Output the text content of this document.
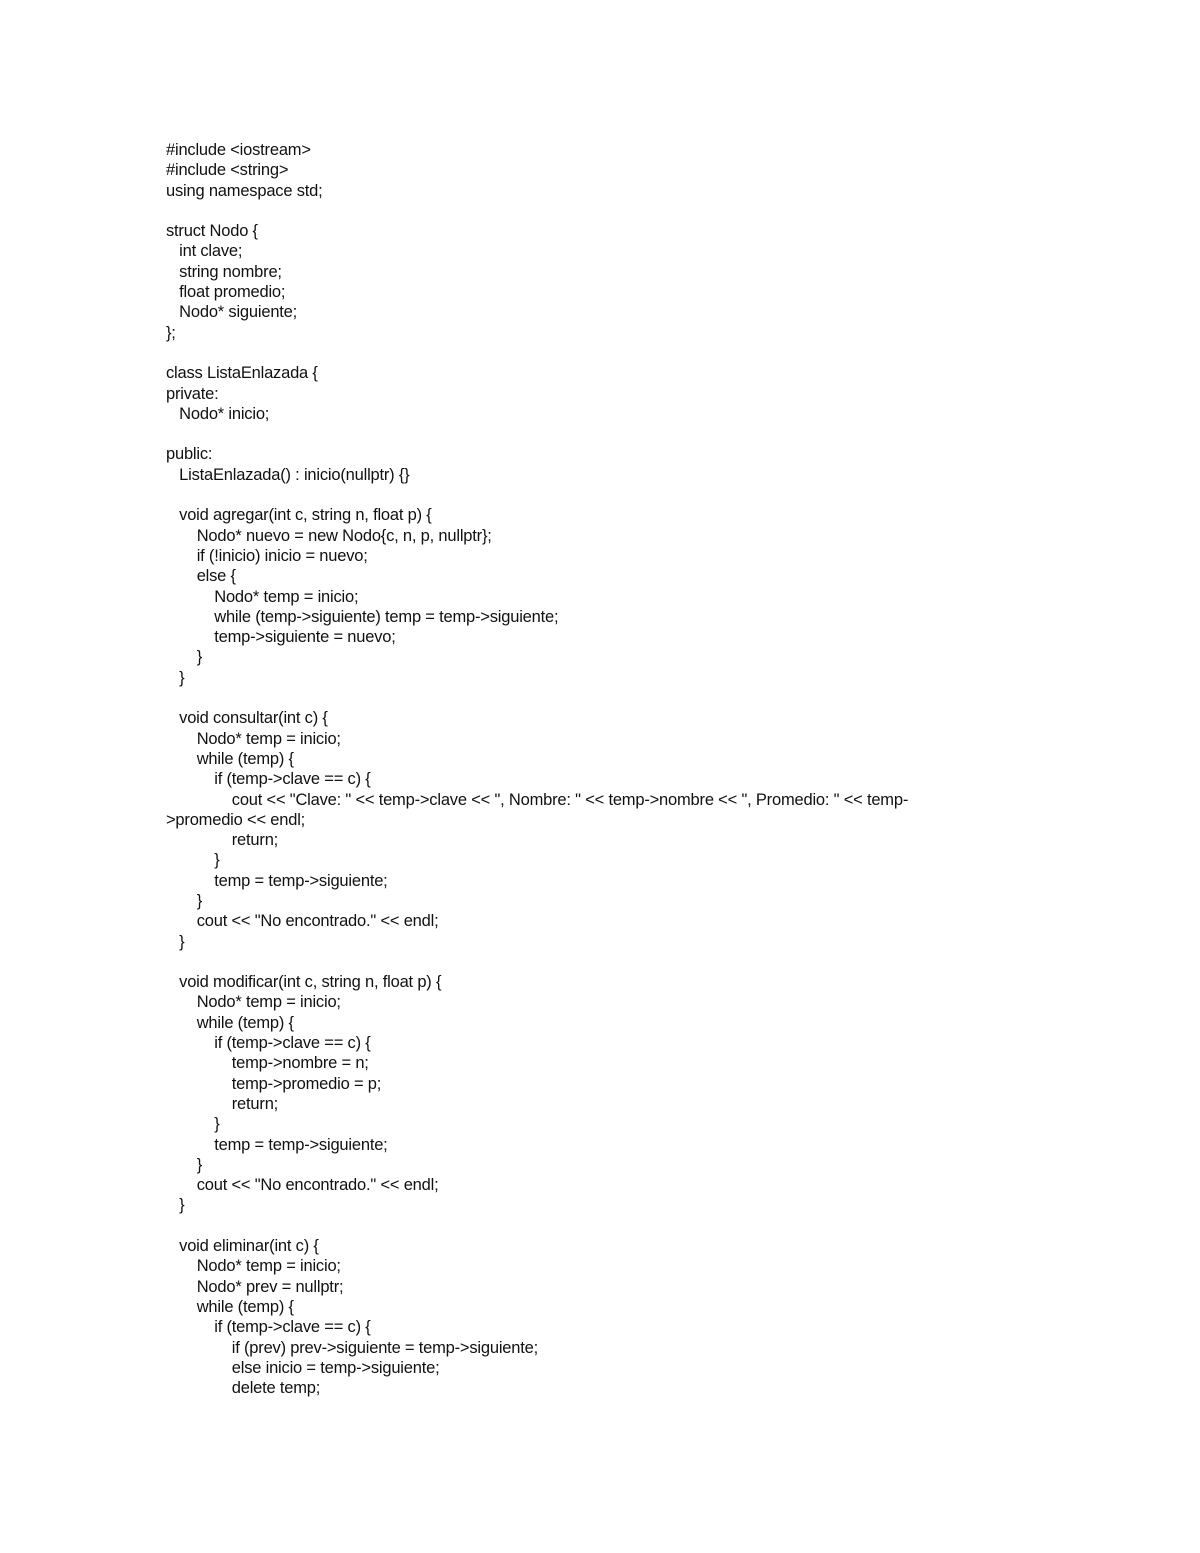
#include <iostream>
#include <string>
using namespace std;
struct Nodo {
int clave;
string nombre;
float promedio;
Nodo* siguiente;
};
class ListaEnlazada {
private:
Nodo* inicio;
public:
ListaEnlazada() : inicio(nullptr) {}
void agregar(int c, string n, float p) {
Nodo* nuevo = new Nodo{c, n, p, nullptr};
if (!inicio) inicio = nuevo;
else {
Nodo* temp = inicio;
while (temp->siguiente) temp = temp->siguiente;
temp->siguiente = nuevo;
}
}
void consultar(int c) {
Nodo* temp = inicio;
while (temp) {
if (temp->clave == c) {
cout << "Clave: " << temp->clave << ", Nombre: " << temp->nombre << ", Promedio: " << temp-
>promedio << endl;
return;
}
temp = temp->siguiente;
}
cout << "No encontrado." << endl;
}
void modificar(int c, string n, float p) {
Nodo* temp = inicio;
while (temp) {
if (temp->clave == c) {
temp->nombre = n;
temp->promedio = p;
return;
}
temp = temp->siguiente;
}
cout << "No encontrado." << endl;
}
void eliminar(int c) {
Nodo* temp = inicio;
Nodo* prev = nullptr;
while (temp) {
if (temp->clave == c) {
if (prev) prev->siguiente = temp->siguiente;
else inicio = temp->siguiente;
delete temp;
